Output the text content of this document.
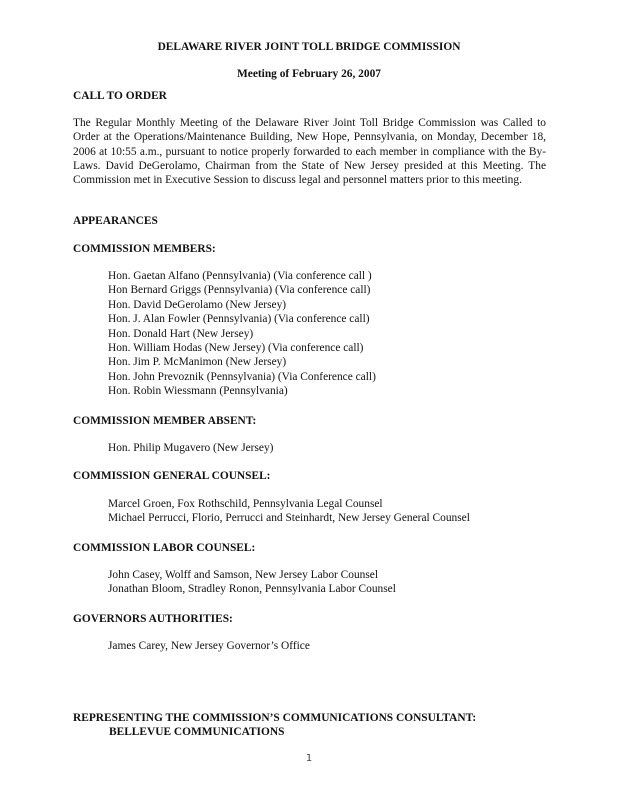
DELAWARE RIVER JOINT TOLL BRIDGE COMMISSION
Meeting of February 26, 2007
CALL TO ORDER
The Regular Monthly Meeting of the Delaware River Joint Toll Bridge Commission was Called to Order at the Operations/Maintenance Building, New Hope, Pennsylvania, on Monday, December 18, 2006 at 10:55 a.m., pursuant to notice properly forwarded to each member in compliance with the By-Laws. David DeGerolamo, Chairman from the State of New Jersey presided at this Meeting. The Commission met in Executive Session to discuss legal and personnel matters prior to this meeting.
APPEARANCES
COMMISSION MEMBERS:
Hon. Gaetan Alfano (Pennsylvania) (Via conference call )
Hon Bernard Griggs (Pennsylvania) (Via conference call)
Hon. David DeGerolamo (New Jersey)
Hon. J. Alan Fowler (Pennsylvania) (Via conference call)
Hon. Donald Hart (New Jersey)
Hon. William Hodas (New Jersey) (Via conference call)
Hon. Jim P. McManimon (New Jersey)
Hon. John Prevoznik (Pennsylvania) (Via Conference call)
Hon. Robin Wiessmann (Pennsylvania)
COMMISSION MEMBER ABSENT:
Hon. Philip Mugavero (New Jersey)
COMMISSION GENERAL COUNSEL:
Marcel Groen, Fox Rothschild, Pennsylvania Legal Counsel
Michael Perrucci, Florio, Perrucci and Steinhardt, New Jersey General Counsel
COMMISSION LABOR COUNSEL:
John Casey, Wolff and Samson, New Jersey Labor Counsel
Jonathan Bloom, Stradley Ronon, Pennsylvania Labor Counsel
GOVERNORS AUTHORITIES:
James Carey, New Jersey Governor’s Office
REPRESENTING THE COMMISSION’S COMMUNICATIONS CONSULTANT:
BELLEVUE COMMUNICATIONS
1
